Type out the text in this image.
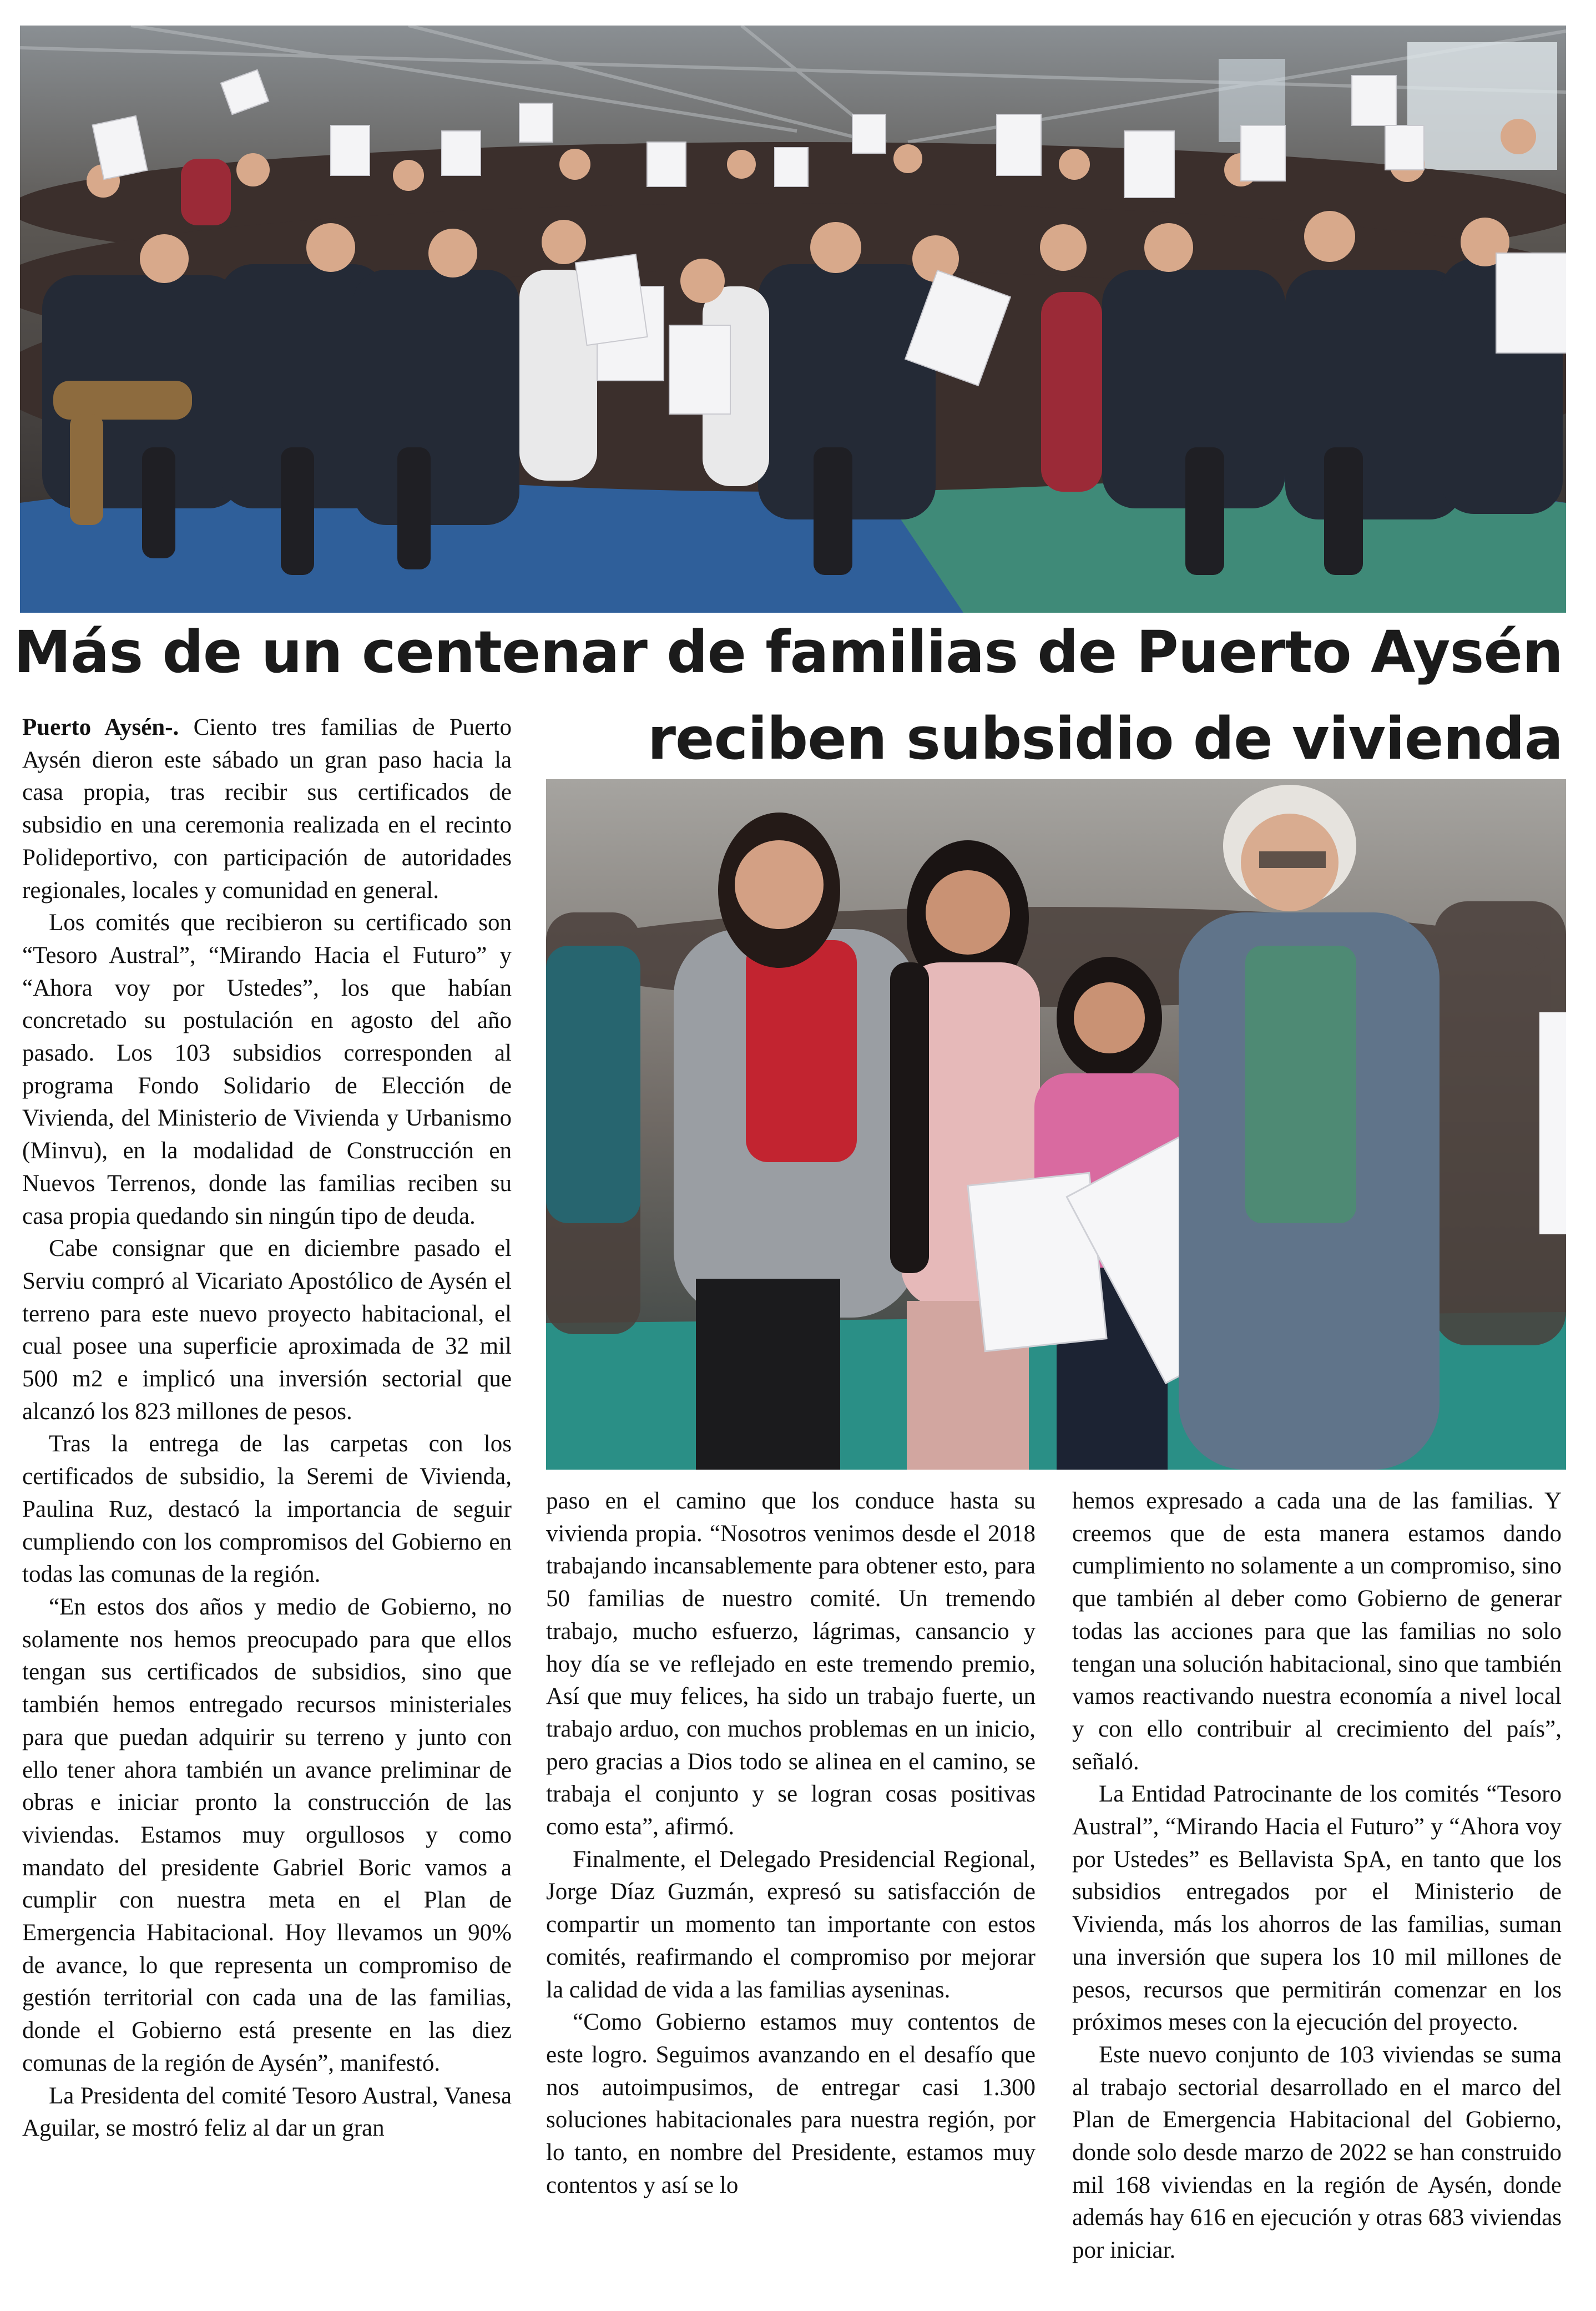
Más de un centenar de familias de Puerto Aysén
reciben subsidio de vivienda

Puerto Aysén-. Ciento tres familias de Puerto Aysén dieron este sábado un gran paso hacia la casa propia, tras recibir sus certificados de subsidio en una ceremonia realizada en el recinto Polideportivo, con participación de autoridades regionales, locales y comunidad en general.

Los comités que recibieron su certificado son “Tesoro Austral”, “Mirando Hacia el Futuro” y “Ahora voy por Ustedes”, los que habían concretado su postulación en agosto del año pasado. Los 103 subsidios corresponden al programa Fondo Solidario de Elección de Vivienda, del Ministerio de Vivienda y Urbanismo (Minvu), en la modalidad de Construcción en Nuevos Terrenos, donde las familias reciben su casa propia quedando sin ningún tipo de deuda.

Cabe consignar que en diciembre pasado el Serviu compró al Vicariato Apostólico de Aysén el terreno para este nuevo proyecto habitacional, el cual posee una superficie aproximada de 32 mil 500 m2 e implicó una inversión sectorial que alcanzó los 823 millones de pesos.

Tras la entrega de las carpetas con los certificados de subsidio, la Seremi de Vivienda, Paulina Ruz, destacó la importancia de seguir cumpliendo con los compromisos del Gobierno en todas las comunas de la región.

“En estos dos años y medio de Gobierno, no solamente nos hemos preocupado para que ellos tengan sus certificados de subsidios, sino que también hemos entregado recursos ministeriales para que puedan adquirir su terreno y junto con ello tener ahora también un avance preliminar de obras e iniciar pronto la construcción de las viviendas. Estamos muy orgullosos y como mandato del presidente Gabriel Boric vamos a cumplir con nuestra meta en el Plan de Emergencia Habitacional. Hoy llevamos un 90% de avance, lo que representa un compromiso de gestión territorial con cada una de las familias, donde el Gobierno está presente en las diez comunas de la región de Aysén”, manifestó.

La Presidenta del comité Tesoro Austral, Vanesa Aguilar, se mostró feliz al dar un gran

paso en el camino que los conduce hasta su vivienda propia. “Nosotros venimos desde el 2018 trabajando incansablemente para obtener esto, para 50 familias de nuestro comité. Un tremendo trabajo, mucho esfuerzo, lágrimas, cansancio y hoy día se ve reflejado en este tremendo premio, Así que muy felices, ha sido un trabajo fuerte, un trabajo arduo, con muchos problemas en un inicio, pero gracias a Dios todo se alinea en el camino, se trabaja el conjunto y se logran cosas positivas como esta”, afirmó.

Finalmente, el Delegado Presidencial Regional, Jorge Díaz Guzmán, expresó su satisfacción de compartir un momento tan importante con estos comités, reafirmando el compromiso por mejorar la calidad de vida a las familias ayseninas.

“Como Gobierno estamos muy contentos de este logro. Seguimos avanzando en el desafío que nos autoimpusimos, de entregar casi 1.300 soluciones habitacionales para nuestra región, por lo tanto, en nombre del Presidente, estamos muy contentos y así se lo

hemos expresado a cada una de las familias. Y creemos que de esta manera estamos dando cumplimiento no solamente a un compromiso, sino que también al deber como Gobierno de generar todas las acciones para que las familias no solo tengan una solución habitacional, sino que también vamos reactivando nuestra economía a nivel local y con ello contribuir al crecimiento del país”, señaló.

La Entidad Patrocinante de los comités “Tesoro Austral”, “Mirando Hacia el Futuro” y “Ahora voy por Ustedes” es Bellavista SpA, en tanto que los subsidios entregados por el Ministerio de Vivienda, más los ahorros de las familias, suman una inversión que supera los 10 mil millones de pesos, recursos que permitirán comenzar en los próximos meses con la ejecución del proyecto.

Este nuevo conjunto de 103 viviendas se suma al trabajo sectorial desarrollado en el marco del Plan de Emergencia Habitacional del Gobierno, donde solo desde marzo de 2022 se han construido mil 168 viviendas en la región de Aysén, donde además hay 616 en ejecución y otras 683 viviendas por iniciar.
